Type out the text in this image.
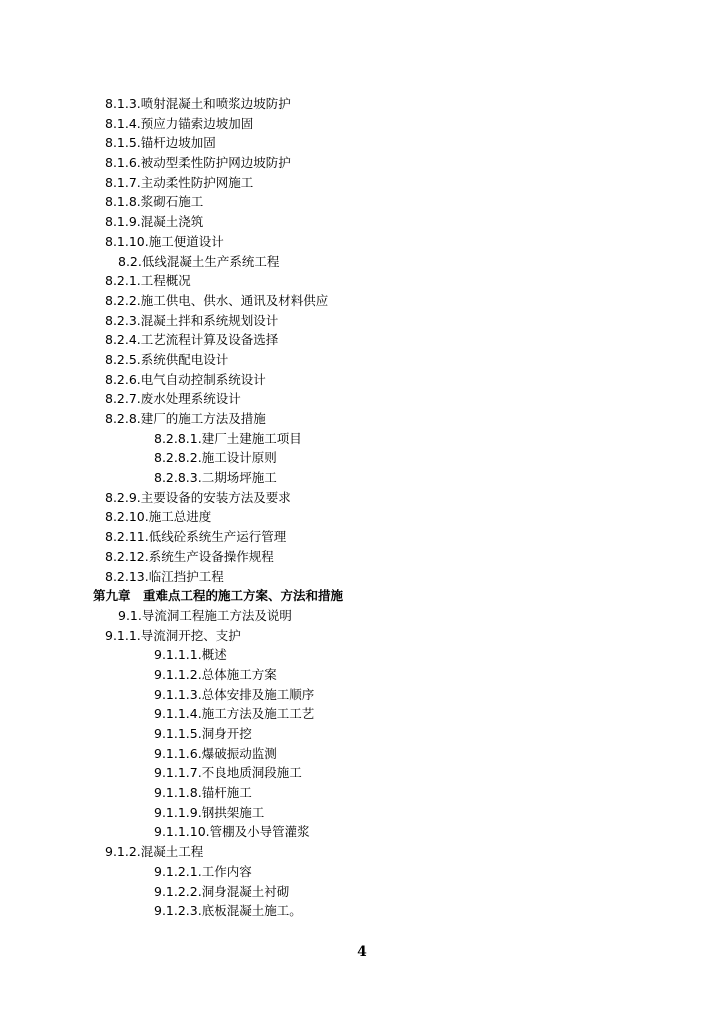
8.1.3.喷射混凝土和喷浆边坡防护
8.1.4.预应力锚索边坡加固
8.1.5.锚杆边坡加固
8.1.6.被动型柔性防护网边坡防护
8.1.7.主动柔性防护网施工
8.1.8.浆砌石施工
8.1.9.混凝土浇筑
8.1.10.施工便道设计
8.2.低线混凝土生产系统工程
8.2.1.工程概况
8.2.2.施工供电、供水、通讯及材料供应
8.2.3.混凝土拌和系统规划设计
8.2.4.工艺流程计算及设备选择
8.2.5.系统供配电设计
8.2.6.电气自动控制系统设计
8.2.7.废水处理系统设计
8.2.8.建厂的施工方法及措施
8.2.8.1.建厂土建施工项目
8.2.8.2.施工设计原则
8.2.8.3.二期场坪施工
8.2.9.主要设备的安装方法及要求
8.2.10.施工总进度
8.2.11.低线砼系统生产运行管理
8.2.12.系统生产设备操作规程
8.2.13.临江挡护工程
第九章　重难点工程的施工方案、方法和措施
9.1.导流洞工程施工方法及说明
9.1.1.导流洞开挖、支护
9.1.1.1.概述
9.1.1.2.总体施工方案
9.1.1.3.总体安排及施工顺序
9.1.1.4.施工方法及施工工艺
9.1.1.5.洞身开挖
9.1.1.6.爆破振动监测
9.1.1.7.不良地质洞段施工
9.1.1.8.锚杆施工
9.1.1.9.钢拱架施工
9.1.1.10.管棚及小导管灌浆
9.1.2.混凝土工程
9.1.2.1.工作内容
9.1.2.2.洞身混凝土衬砌
9.1.2.3.底板混凝土施工。
4
